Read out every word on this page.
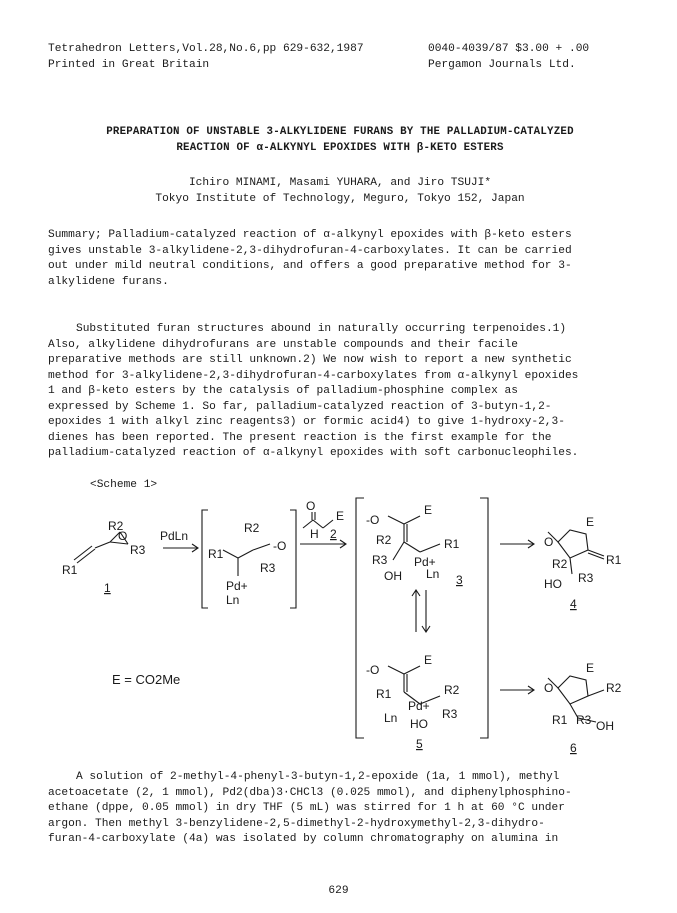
Tetrahedron Letters,Vol.28,No.6,pp 629-632,1987
Printed in Great Britain
0040-4039/87 $3.00 + .00
Pergamon Journals Ltd.
PREPARATION OF UNSTABLE 3-ALKYLIDENE FURANS BY THE PALLADIUM-CATALYZED
REACTION OF α-ALKYNYL EPOXIDES WITH β-KETO ESTERS
Ichiro MINAMI, Masami YUHARA, and Jiro TSUJI*
Tokyo Institute of Technology, Meguro, Tokyo 152, Japan
Summary; Palladium-catalyzed reaction of α-alkynyl epoxides with β-keto esters
gives unstable 3-alkylidene-2,3-dihydrofuran-4-carboxylates. It can be carried
out under mild neutral conditions, and offers a good preparative method for 3-
alkylidene furans.
Substituted furan structures abound in naturally occurring terpenoides.1)
Also, alkylidene dihydrofurans are unstable compounds and their facile
preparative methods are still unknown.2) We now wish to report a new synthetic
method for 3-alkylidene-2,3-dihydrofuran-4-carboxylates from α-alkynyl epoxides
1 and β-keto esters by the catalysis of palladium-phosphine complex as
expressed by Scheme 1. So far, palladium-catalyzed reaction of 3-butyn-1,2-
epoxides 1 with alkyl zinc reagents3) or formic acid4) to give 1-hydroxy-2,3-
dienes has been reported. The present reaction is the first example for the
palladium-catalyzed reaction of α-alkynyl epoxides with soft carbonucleophiles.
<Scheme 1>
R1
R2
O
R3
1
PdLn
R1
R2
R3
-O
Pd+
Ln
O
E
H 2
-O
E
R2	R1
R3 Pd+
Ln
OH	3
-O
E
R1	R2
Pd+
Ln	R3
HO
5
E
O
R1
R2
R3
HO
4
E
O	R2
R1 R3 OH
6
E = CO2Me
A solution of 2-methyl-4-phenyl-3-butyn-1,2-epoxide (1a, 1 mmol), methyl
acetoacetate (2, 1 mmol), Pd2(dba)3·CHCl3 (0.025 mmol), and diphenylphosphino-
ethane (dppe, 0.05 mmol) in dry THF (5 mL) was stirred for 1 h at 60 °C under
argon. Then methyl 3-benzylidene-2,5-dimethyl-2-hydroxymethyl-2,3-dihydro-
furan-4-carboxylate (4a) was isolated by column chromatography on alumina in
629
